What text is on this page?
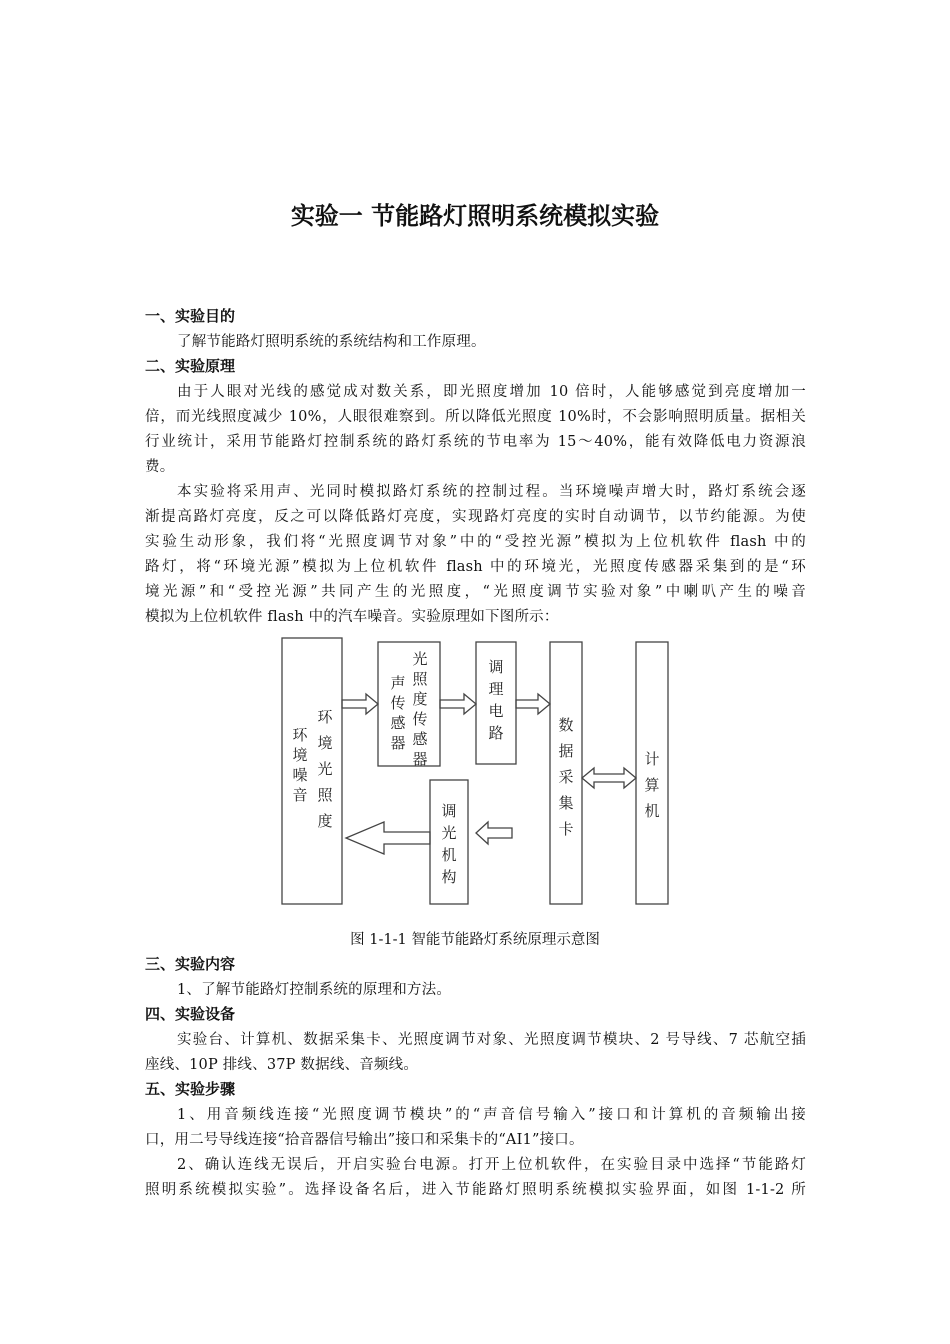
实验一 节能路灯照明系统模拟实验
一、实验目的
了解节能路灯照明系统的系统结构和工作原理。
二、实验原理
由于人眼对光线的感觉成对数关系，即光照度增加 10 倍时，人能够感觉到亮度增加一
倍，而光线照度减少 10%，人眼很难察到。所以降低光照度 10%时，不会影响照明质量。据相关
行业统计，采用节能路灯控制系统的路灯系统的节电率为 15～40%，能有效降低电力资源浪
费。
本实验将采用声、光同时模拟路灯系统的控制过程。当环境噪声增大时，路灯系统会逐
渐提高路灯亮度，反之可以降低路灯亮度，实现路灯亮度的实时自动调节，以节约能源。为使
实验生动形象，我们将“光照度调节对象”中的“受控光源”模拟为上位机软件 flash 中的
路灯，将“环境光源”模拟为上位机软件 flash 中的环境光，光照度传感器采集到的是“环
境光源”和“受控光源”共同产生的光照度，“光照度调节实验对象”中喇叭产生的噪音
模拟为上位机软件 flash 中的汽车噪音。实验原理如下图所示：
环
境
噪
音
环
境
光
照
度
光
照
度
传
感
器
声
传
感
器
调
理
电
路	数
据
采
集
卡
计
算
机
调
光
机
构
图 1-1-1 智能节能路灯系统原理示意图
三、实验内容
1、了解节能路灯控制系统的原理和方法。
四、实验设备
实验台、计算机、数据采集卡、光照度调节对象、光照度调节模块、2 号导线、7 芯航空插
座线、10P 排线、37P 数据线、音频线。
五、实验步骤
1、用音频线连接“光照度调节模块”的“声音信号输入”接口和计算机的音频输出接
口，用二号导线连接“拾音器信号输出”接口和采集卡的“AI1”接口。
2、确认连线无误后，开启实验台电源。打开上位机软件，在实验目录中选择“节能路灯
照明系统模拟实验”。选择设备名后，进入节能路灯照明系统模拟实验界面，如图 1-1-2 所
